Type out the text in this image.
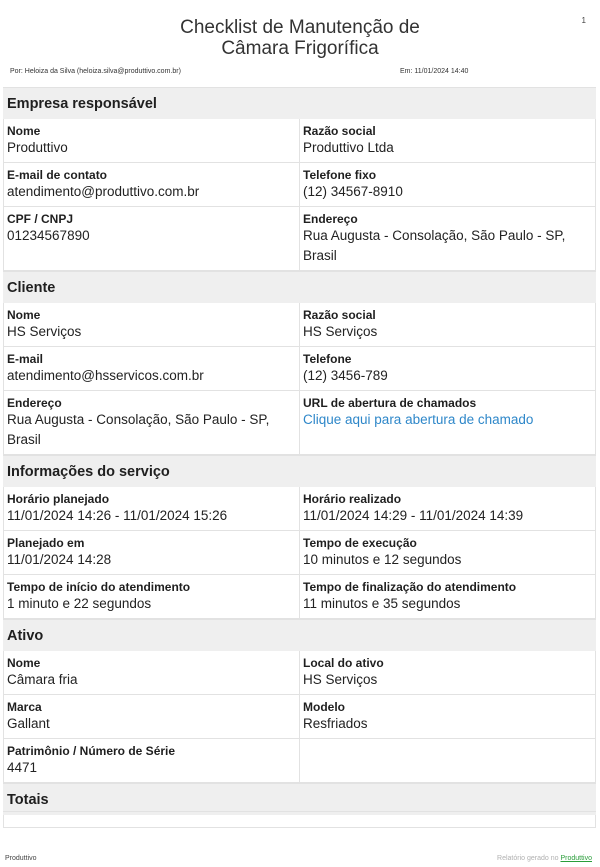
Checklist de Manutenção de
Câmara Frigorífica
1
Por: Heloiza da Silva (heloiza.silva@produttivo.com.br)	Em: 11/01/2024 14:40
Empresa responsável
Nome
Produttivo
Razão social
Produttivo Ltda
E-mail de contato
atendimento@produttivo.com.br
Telefone fixo
(12) 34567-8910
CPF / CNPJ
01234567890
Endereço
Rua Augusta - Consolação, São Paulo - SP, Brasil
Cliente
Nome
HS Serviços
Razão social
HS Serviços
E-mail
atendimento@hsservicos.com.br
Telefone
(12) 3456-789
Endereço
Rua Augusta - Consolação, São Paulo - SP, Brasil
URL de abertura de chamados
Clique aqui para abertura de chamado
Informações do serviço
Horário planejado
11/01/2024 14:26 - 11/01/2024 15:26
Horário realizado
11/01/2024 14:29 - 11/01/2024 14:39
Planejado em
11/01/2024 14:28
Tempo de execução
10 minutos e 12 segundos
Tempo de início do atendimento
1 minuto e 22 segundos
Tempo de finalização do atendimento
11 minutos e 35 segundos
Ativo
Nome
Câmara fria
Local do ativo
HS Serviços
Marca
Gallant
Modelo
Resfriados
Patrimônio / Número de Série
4471
Totais
Produttivo	Relatório gerado no Produttivo
